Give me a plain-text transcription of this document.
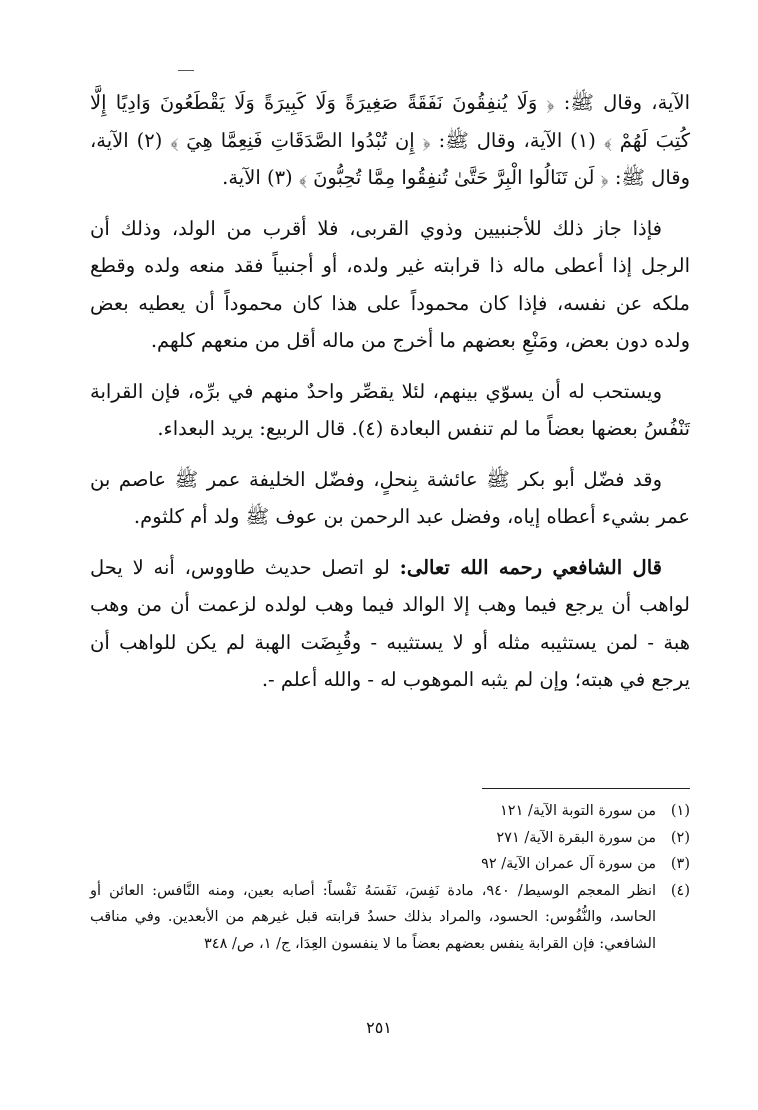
الآية، وقال ﷺ: ﴿ وَلَا يُنفِقُونَ نَفَقَةً صَغِيرَةً وَلَا كَبِيرَةً وَلَا يَقْطَعُونَ وَادِيًا إِلَّا كُتِبَ لَهُمْ ﴾ (١) الآية، وقال ﷺ: ﴿ إِن تُبْدُوا الصَّدَقَاتِ فَنِعِمَّا هِيَ ﴾ (٢) الآية، وقال ﷺ: ﴿ لَن تَنَالُوا الْبِرَّ حَتَّىٰ تُنفِقُوا مِمَّا تُحِبُّونَ ﴾ (٣) الآية.

فإذا جاز ذلك للأجنبيين وذوي القربى، فلا أقرب من الولد، وذلك أن الرجل إذا أعطى ماله ذا قرابته غير ولده، أو أجنبياً فقد منعه ولده وقطع ملكه عن نفسه، فإذا كان محموداً على هذا كان محموداً أن يعطيه بعض ولده دون بعض، ومَنْعِ بعضهم ما أخرج من ماله أقل من منعهم كلهم.

ويستحب له أن يسوّي بينهم، لئلا يقصِّر واحدٌ منهم في برِّه، فإن القرابة تَنْفُسُ بعضها بعضاً ما لم تنفس البعادة (٤). قال الربيع: يريد البعداء.

وقد فضّل أبو بكر ﷺ عائشة بِنحلٍ، وفضّل الخليفة عمر ﷺ عاصم بن عمر بشيء أعطاه إياه، وفضل عبد الرحمن بن عوف ﷺ ولد أم كلثوم.

قال الشافعي رحمه الله تعالى: لو اتصل حديث طاووس، أنه لا يحل لواهب أن يرجع فيما وهب إلا الوالد فيما وهب لولده لزعمت أن من وهب هبة - لمن يستثيبه مثله أو لا يستثيبه - وقُبِضَت الهبة لم يكن للواهب أن يرجع في هبته؛ وإن لم يثبه الموهوب له - والله أعلم -.

(١)
من سورة التوبة الآية/ ١٢١
(٢)
من سورة البقرة الآية/ ٢٧١
(٣)
من سورة آل عمران الآية/ ٩٢
(٤)
انظر المعجم الوسيط/ ٩٤٠، مادة نَفِسَ، نَفَسَهُ نَفْساً: أصابه بعين، ومنه النَّافس: العائن أو الحاسد، والنُّفُوس: الحسود، والمراد بذلك حسدُ قرابته قبل غيرهم من الأبعدين. وفي مناقب الشافعي: فإن القرابة ينفس بعضهم بعضاً ما لا ينفسون العِدَا، ج/ ١، ص/ ٣٤٨
٢٥١
